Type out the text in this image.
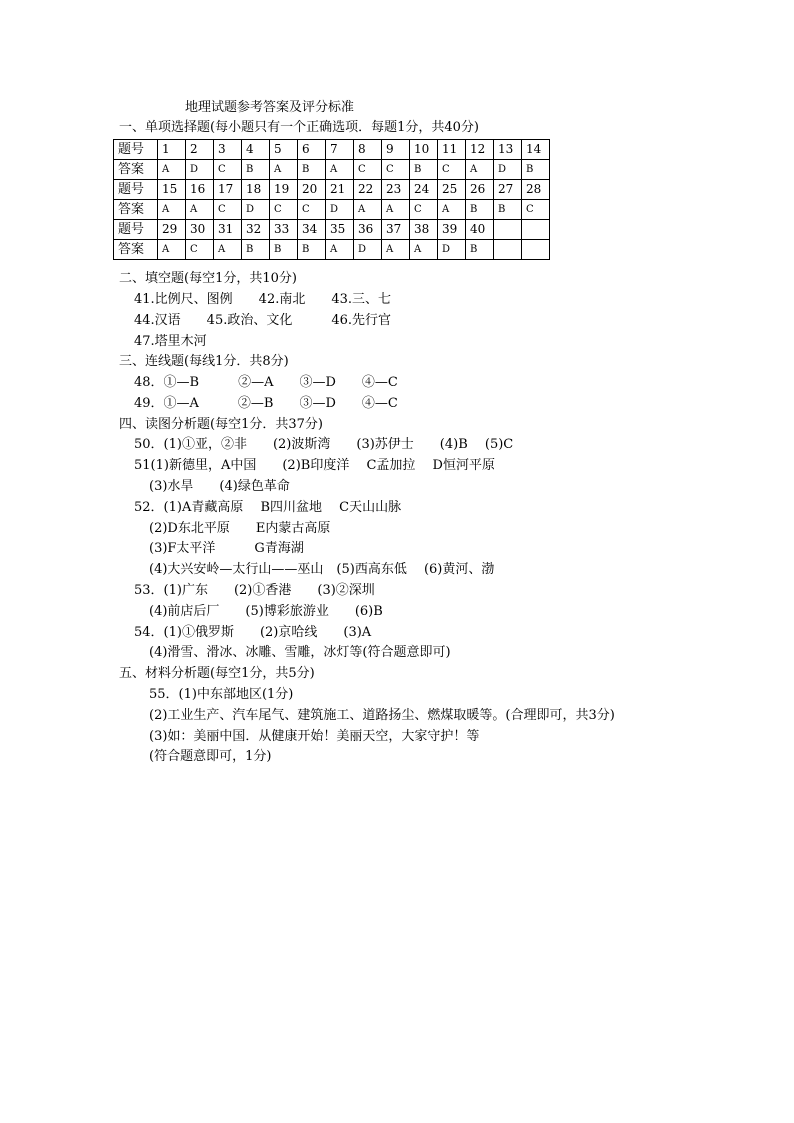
地理试题参考答案及评分标准
一、单项选择题(每小题只有一个正确选项．每题1分，共40分)
题号	1	2	3	4	5	6	7	8	9	10	11	12	13	14
答案	A	D	C	B	A	B	A	C	C	B	C	A	D	B
题号	15	16	17	18	19	20	21	22	23	24	25	26	27	28
答案	A	A	C	D	C	C	D	A	A	C	A	B	B	C
题号	29	30	31	32	33	34	35	36	37	38	39	40		
答案	A	C	A	B	B	B	A	D	A	A	D	B		
二、填空题(每空1分，共10分)
41.比例尺、图例　　42.南北　　43.三、七
44.汉语　　45.政治、文化　　　46.先行官
47.塔里木河
三、连线题(每线1分．共8分)
48．①—B　　　②—A　　③—D　　④—C
49．①—A　　　②—B　　③—D　　④—C
四、读图分析题(每空1分．共37分)
50．(1)①亚，②非　　(2)波斯湾　　(3)苏伊士　　(4)B　 (5)C
51(1)新德里，A中国　　(2)B印度洋　 C孟加拉　 D恒河平原
(3)水旱　　(4)绿色革命
52．(1)A青藏高原　 B四川盆地　 C天山山脉
(2)D东北平原　　E内蒙古高原
(3)F太平洋　　　G青海湖
(4)大兴安岭—太行山——巫山　(5)西高东低　 (6)黄河、渤
53．(1)广东　　(2)①香港　　(3)②深圳
(4)前店后厂　　(5)博彩旅游业　　(6)B
54．(1)①俄罗斯　　(2)京哈线　　(3)A
(4)滑雪、滑冰、冰雕、雪雕，冰灯等(符合题意即可)
五、材料分析题(每空1分，共5分)
55．(1)中东部地区(1分)
(2)工业生产、汽车尾气、建筑施工、道路扬尘、燃煤取暖等。(合理即可，共3分)
(3)如：美丽中国．从健康开始！美丽天空，大家守护！等
(符合题意即可，1分)
